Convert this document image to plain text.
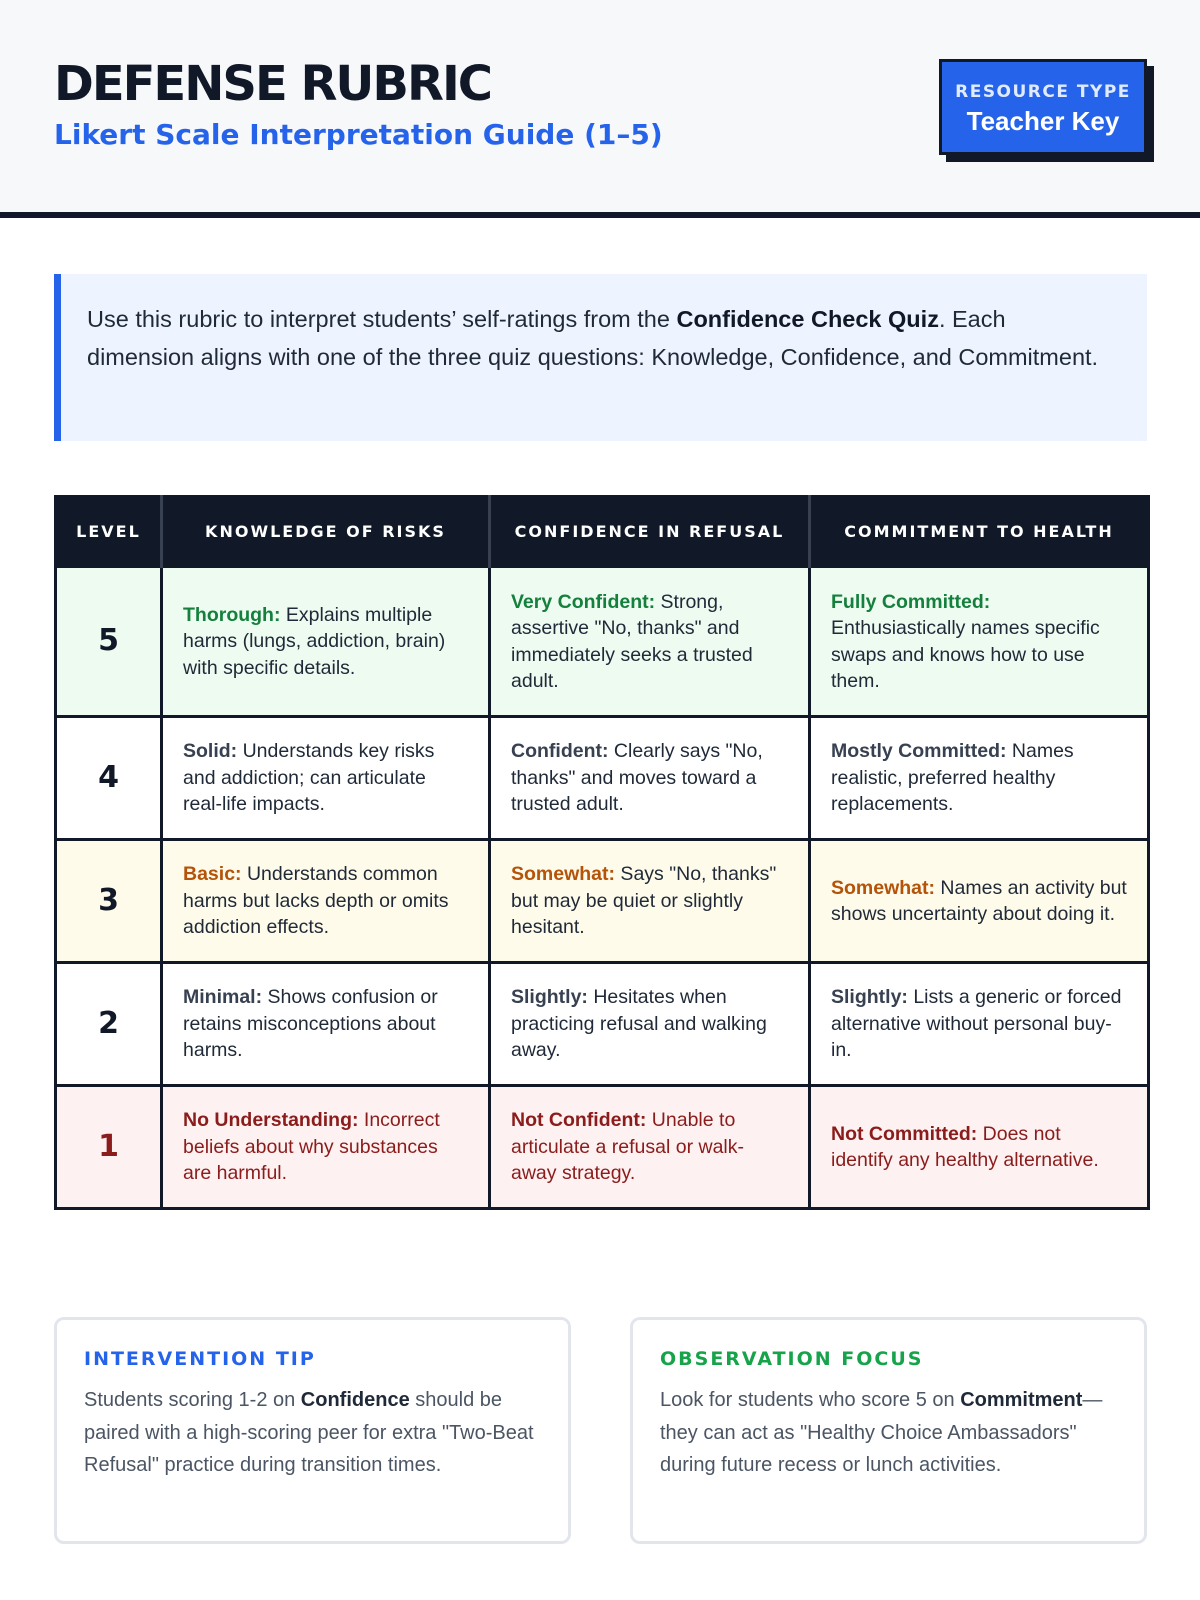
DEFENSE RUBRIC
Likert Scale Interpretation Guide (1–5)
RESOURCE TYPE
Teacher Key
Use this rubric to interpret students’ self-ratings from the Confidence Check Quiz. Each dimension aligns with one of the three quiz questions: Knowledge, Confidence, and Commitment.
LEVEL	KNOWLEDGE OF RISKS	CONFIDENCE IN REFUSAL	COMMITMENT TO HEALTH
5	Thorough: Explains multiple harms (lungs, addiction, brain) with specific details.	Very Confident: Strong, assertive "No, thanks" and immediately seeks a trusted adult.	Fully Committed: Enthusiastically names specific swaps and knows how to use them.
4	Solid: Understands key risks and addiction; can articulate real-life impacts.	Confident: Clearly says "No, thanks" and moves toward a trusted adult.	Mostly Committed: Names realistic, preferred healthy replacements.
3	Basic: Understands common harms but lacks depth or omits addiction effects.	Somewhat: Says "No, thanks" but may be quiet or slightly hesitant.	Somewhat: Names an activity but shows uncertainty about doing it.
2	Minimal: Shows confusion or retains misconceptions about harms.	Slightly: Hesitates when practicing refusal and walking away.	Slightly: Lists a generic or forced alternative without personal buy-in.
1	No Understanding: Incorrect beliefs about why substances are harmful.	Not Confident: Unable to articulate a refusal or walk-away strategy.	Not Committed: Does not identify any healthy alternative.
INTERVENTION TIP
Students scoring 1-2 on Confidence should be paired with a high-scoring peer for extra "Two-Beat Refusal" practice during transition times.
OBSERVATION FOCUS
Look for students who score 5 on Commitment—they can act as "Healthy Choice Ambassadors" during future recess or lunch activities.
